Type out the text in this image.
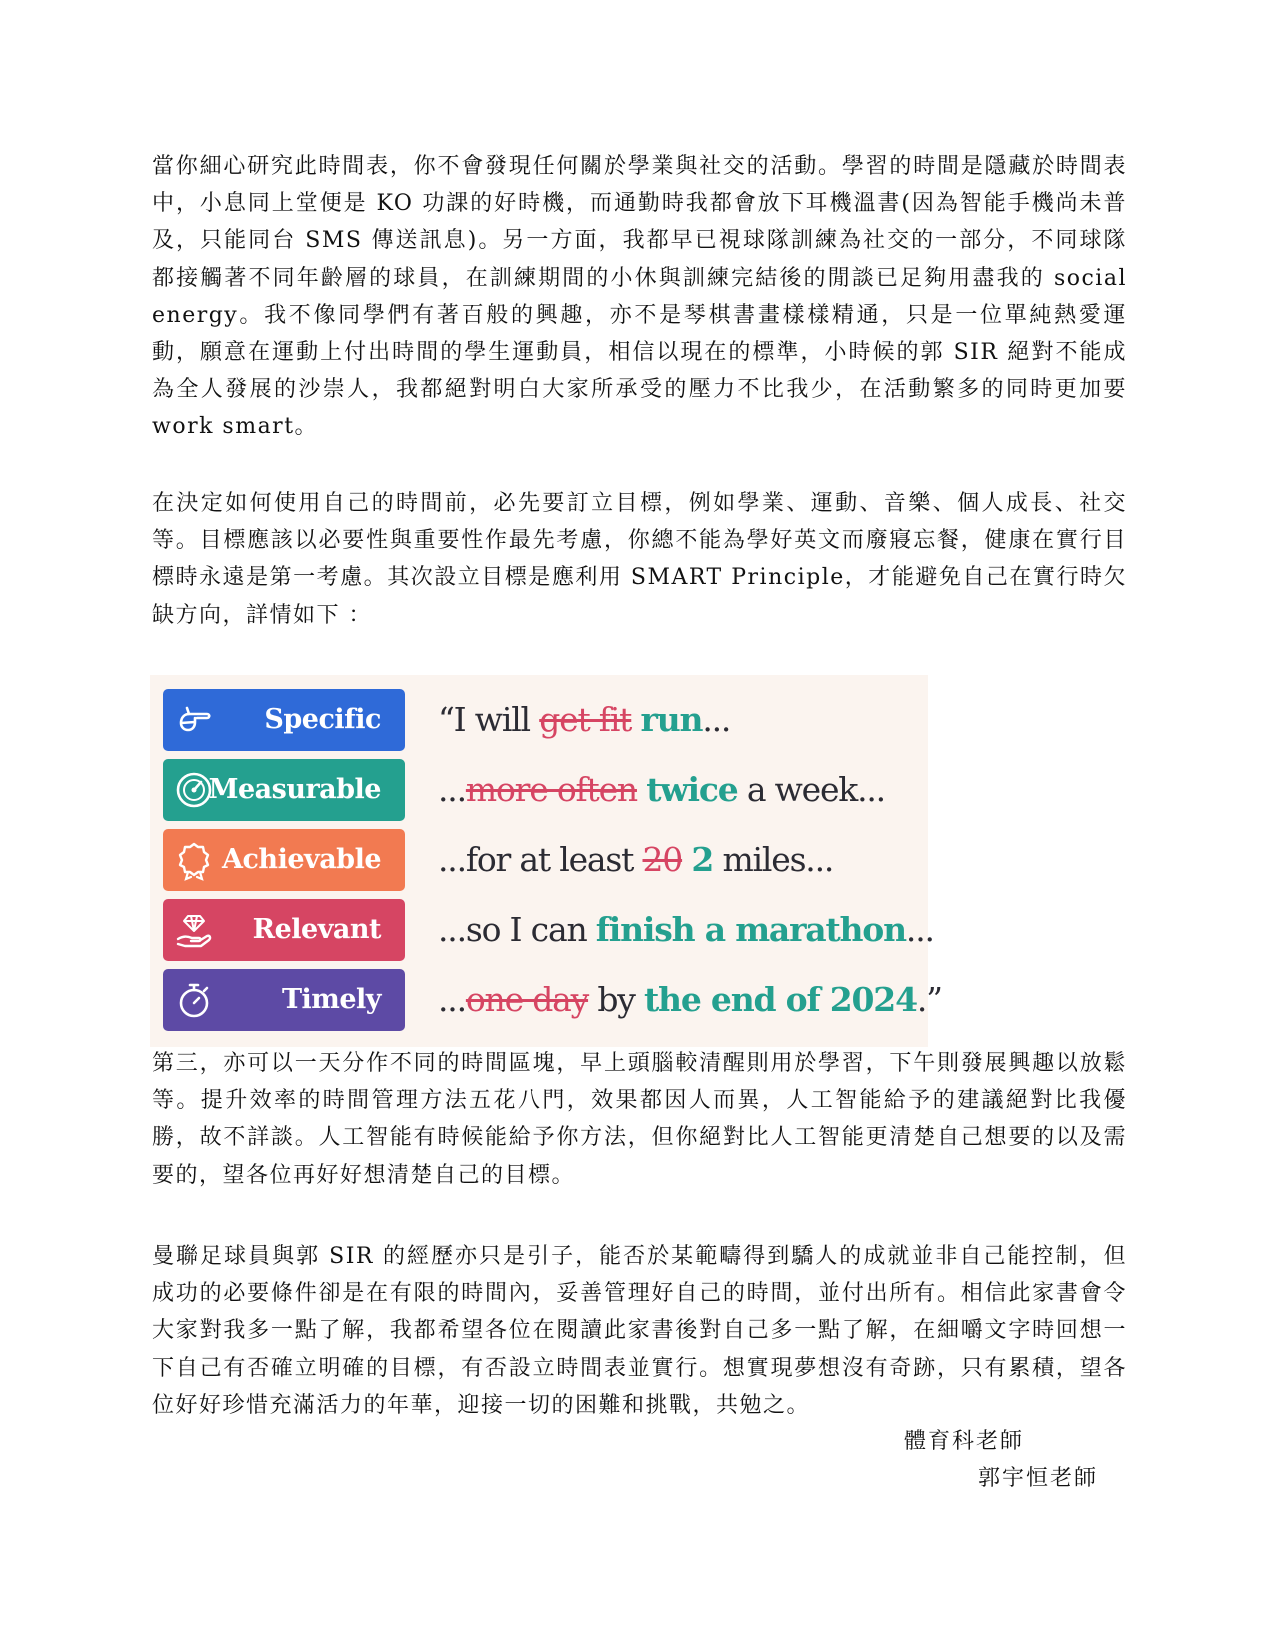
當你細心研究此時間表，你不會發現任何關於學業與社交的活動。學習的時間是隱藏於時間表中，小息同上堂便是 KO 功課的好時機，而通勤時我都會放下耳機溫書(因為智能手機尚未普及，只能同台 SMS 傳送訊息)。另一方面，我都早已視球隊訓練為社交的一部分，不同球隊都接觸著不同年齡層的球員，在訓練期間的小休與訓練完結後的閒談已足夠用盡我的 social energy。我不像同學們有著百般的興趣，亦不是琴棋書畫樣樣精通，只是一位單純熱愛運動，願意在運動上付出時間的學生運動員，相信以現在的標準，小時候的郭 SIR 絕對不能成為全人發展的沙崇人，我都絕對明白大家所承受的壓力不比我少，在活動繁多的同時更加要 work smart。

在決定如何使用自己的時間前，必先要訂立目標，例如學業、運動、音樂、個人成長、社交等。目標應該以必要性與重要性作最先考慮，你總不能為學好英文而廢寢忘餐，健康在實行目標時永遠是第一考慮。其次設立目標是應利用 SMART Principle，才能避免自己在實行時欠缺方向，詳情如下 ：

Specific “I will get fit run...
Measurable ...more often twice a week...
Achievable ...for at least 20 2 miles...
Relevant ...so I can finish a marathon...
Timely ...one day by the end of 2024.”

第三，亦可以一天分作不同的時間區塊，早上頭腦較清醒則用於學習，下午則發展興趣以放鬆等。提升效率的時間管理方法五花八門，效果都因人而異，人工智能給予的建議絕對比我優勝，故不詳談。人工智能有時候能給予你方法，但你絕對比人工智能更清楚自己想要的以及需要的，望各位再好好想清楚自己的目標。

曼聯足球員與郭 SIR 的經歷亦只是引子，能否於某範疇得到驕人的成就並非自己能控制，但成功的必要條件卻是在有限的時間內，妥善管理好自己的時間，並付出所有。相信此家書會令大家對我多一點了解，我都希望各位在閱讀此家書後對自己多一點了解，在細嚼文字時回想一下自己有否確立明確的目標，有否設立時間表並實行。想實現夢想沒有奇跡，只有累積，望各位好好珍惜充滿活力的年華，迎接一切的困難和挑戰，共勉之。

體育科老師
郭宇恒老師
